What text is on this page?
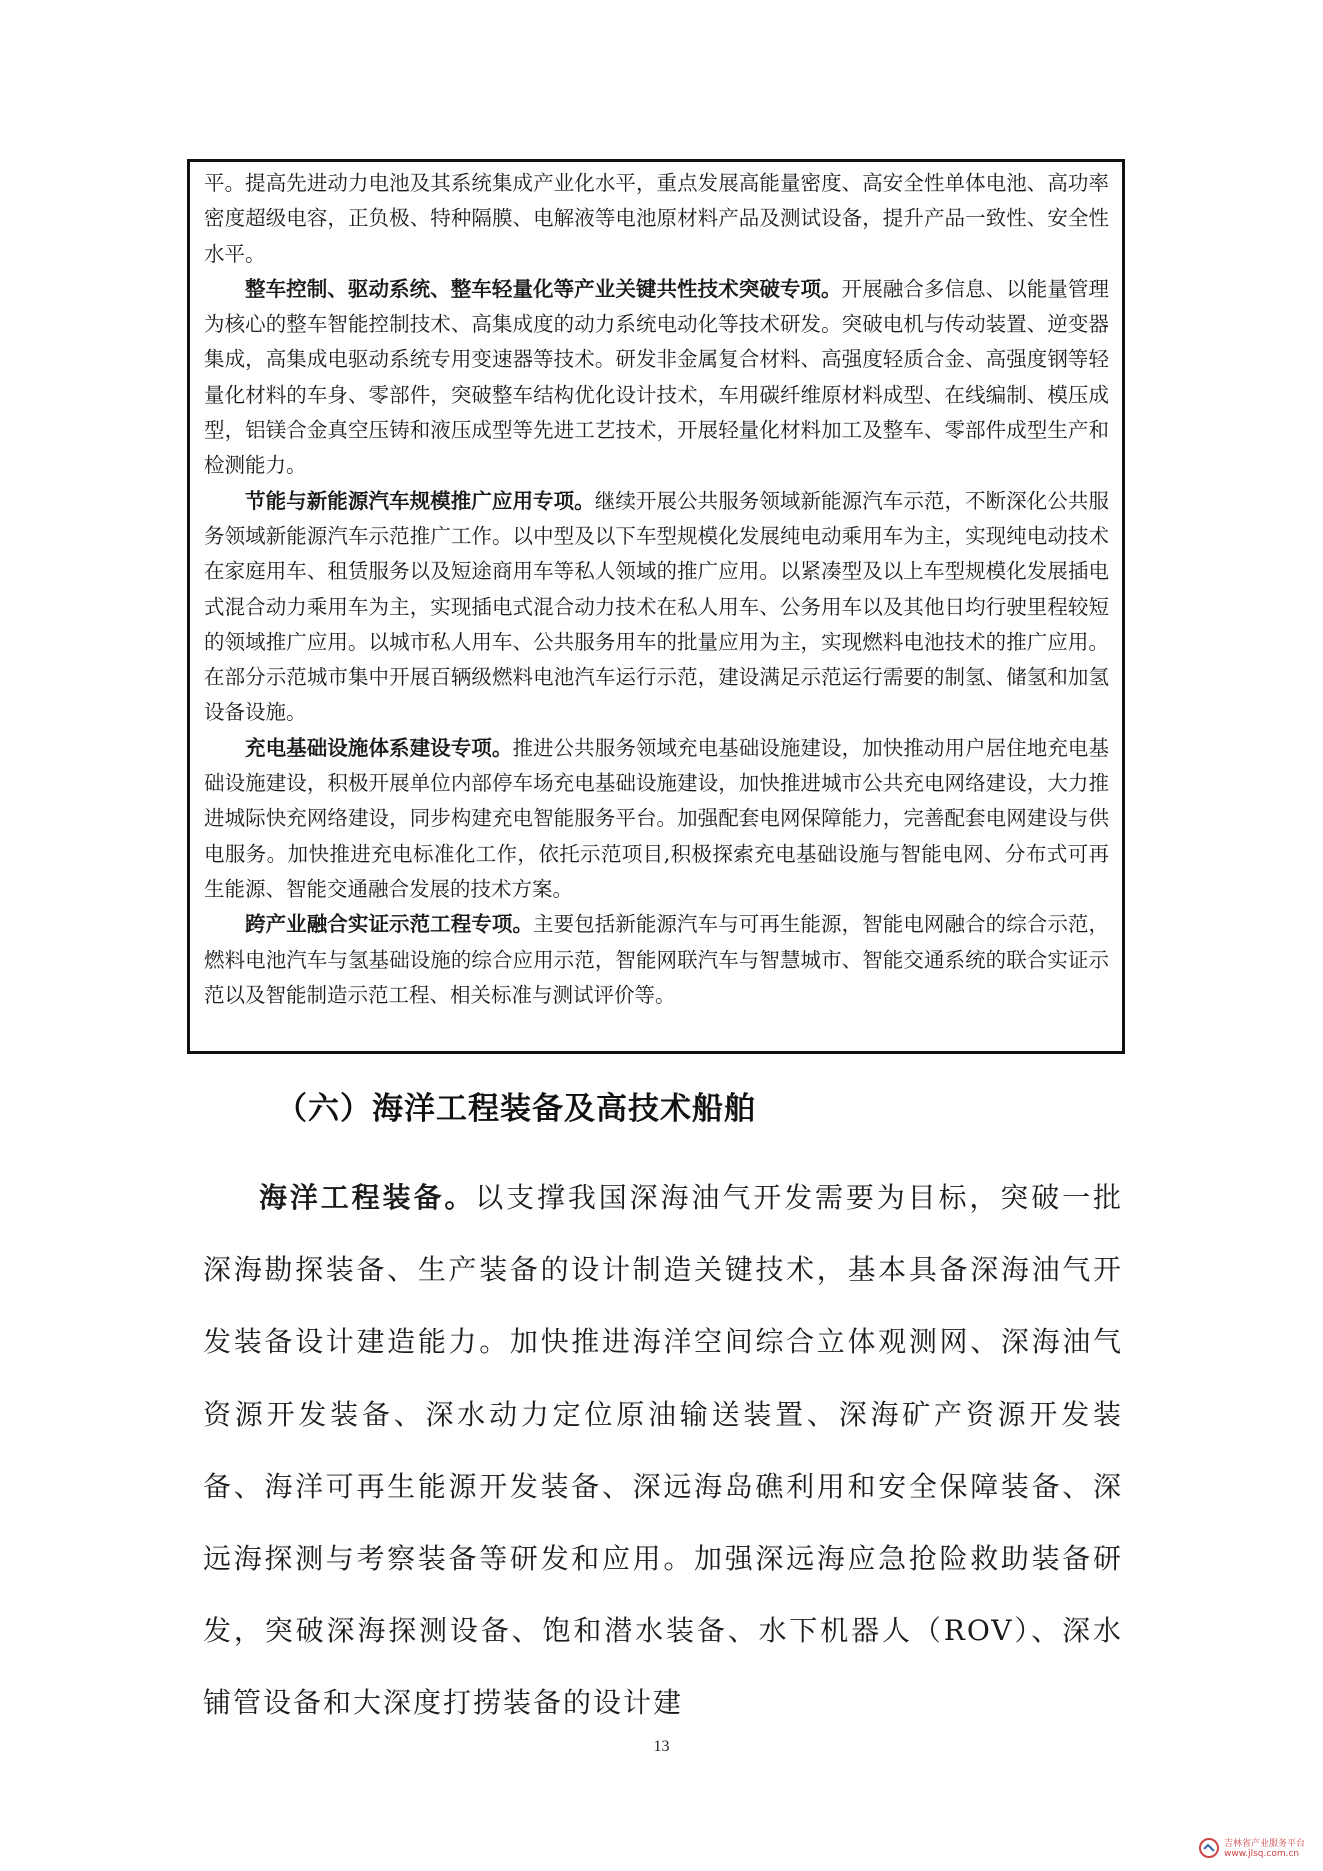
平。提高先进动力电池及其系统集成产业化水平，重点发展高能量密度、高安全性单体电池、高功率密度超级电容，正负极、特种隔膜、电解液等电池原材料产品及测试设备，提升产品一致性、安全性水平。

整车控制、驱动系统、整车轻量化等产业关键共性技术突破专项。开展融合多信息、以能量管理为核心的整车智能控制技术、高集成度的动力系统电动化等技术研发。突破电机与传动装置、逆变器集成，高集成电驱动系统专用变速器等技术。研发非金属复合材料、高强度轻质合金、高强度钢等轻量化材料的车身、零部件，突破整车结构优化设计技术，车用碳纤维原材料成型、在线编制、模压成型，铝镁合金真空压铸和液压成型等先进工艺技术，开展轻量化材料加工及整车、零部件成型生产和检测能力。

节能与新能源汽车规模推广应用专项。继续开展公共服务领域新能源汽车示范，不断深化公共服务领域新能源汽车示范推广工作。以中型及以下车型规模化发展纯电动乘用车为主，实现纯电动技术在家庭用车、租赁服务以及短途商用车等私人领域的推广应用。以紧凑型及以上车型规模化发展插电式混合动力乘用车为主，实现插电式混合动力技术在私人用车、公务用车以及其他日均行驶里程较短的领域推广应用。以城市私人用车、公共服务用车的批量应用为主，实现燃料电池技术的推广应用。在部分示范城市集中开展百辆级燃料电池汽车运行示范，建设满足示范运行需要的制氢、储氢和加氢设备设施。

充电基础设施体系建设专项。推进公共服务领域充电基础设施建设，加快推动用户居住地充电基础设施建设，积极开展单位内部停车场充电基础设施建设，加快推进城市公共充电网络建设，大力推进城际快充网络建设，同步构建充电智能服务平台。加强配套电网保障能力，完善配套电网建设与供电服务。加快推进充电标准化工作，依托示范项目,积极探索充电基础设施与智能电网、分布式可再生能源、智能交通融合发展的技术方案。

跨产业融合实证示范工程专项。主要包括新能源汽车与可再生能源，智能电网融合的综合示范，燃料电池汽车与氢基础设施的综合应用示范，智能网联汽车与智慧城市、智能交通系统的联合实证示范以及智能制造示范工程、相关标准与测试评价等。

（六）海洋工程装备及高技术船舶

海洋工程装备。以支撑我国深海油气开发需要为目标，突破一批深海勘探装备、生产装备的设计制造关键技术，基本具备深海油气开发装备设计建造能力。加快推进海洋空间综合立体观测网、深海油气资源开发装备、深水动力定位原油输送装置、深海矿产资源开发装备、海洋可再生能源开发装备、深远海岛礁利用和安全保障装备、深远海探测与考察装备等研发和应用。加强深远海应急抢险救助装备研发，突破深海探测设备、饱和潜水装备、水下机器人（ROV）、深水铺管设备和大深度打捞装备的设计建

13
吉林省产业服务平台
www.jlsq.com.cn
